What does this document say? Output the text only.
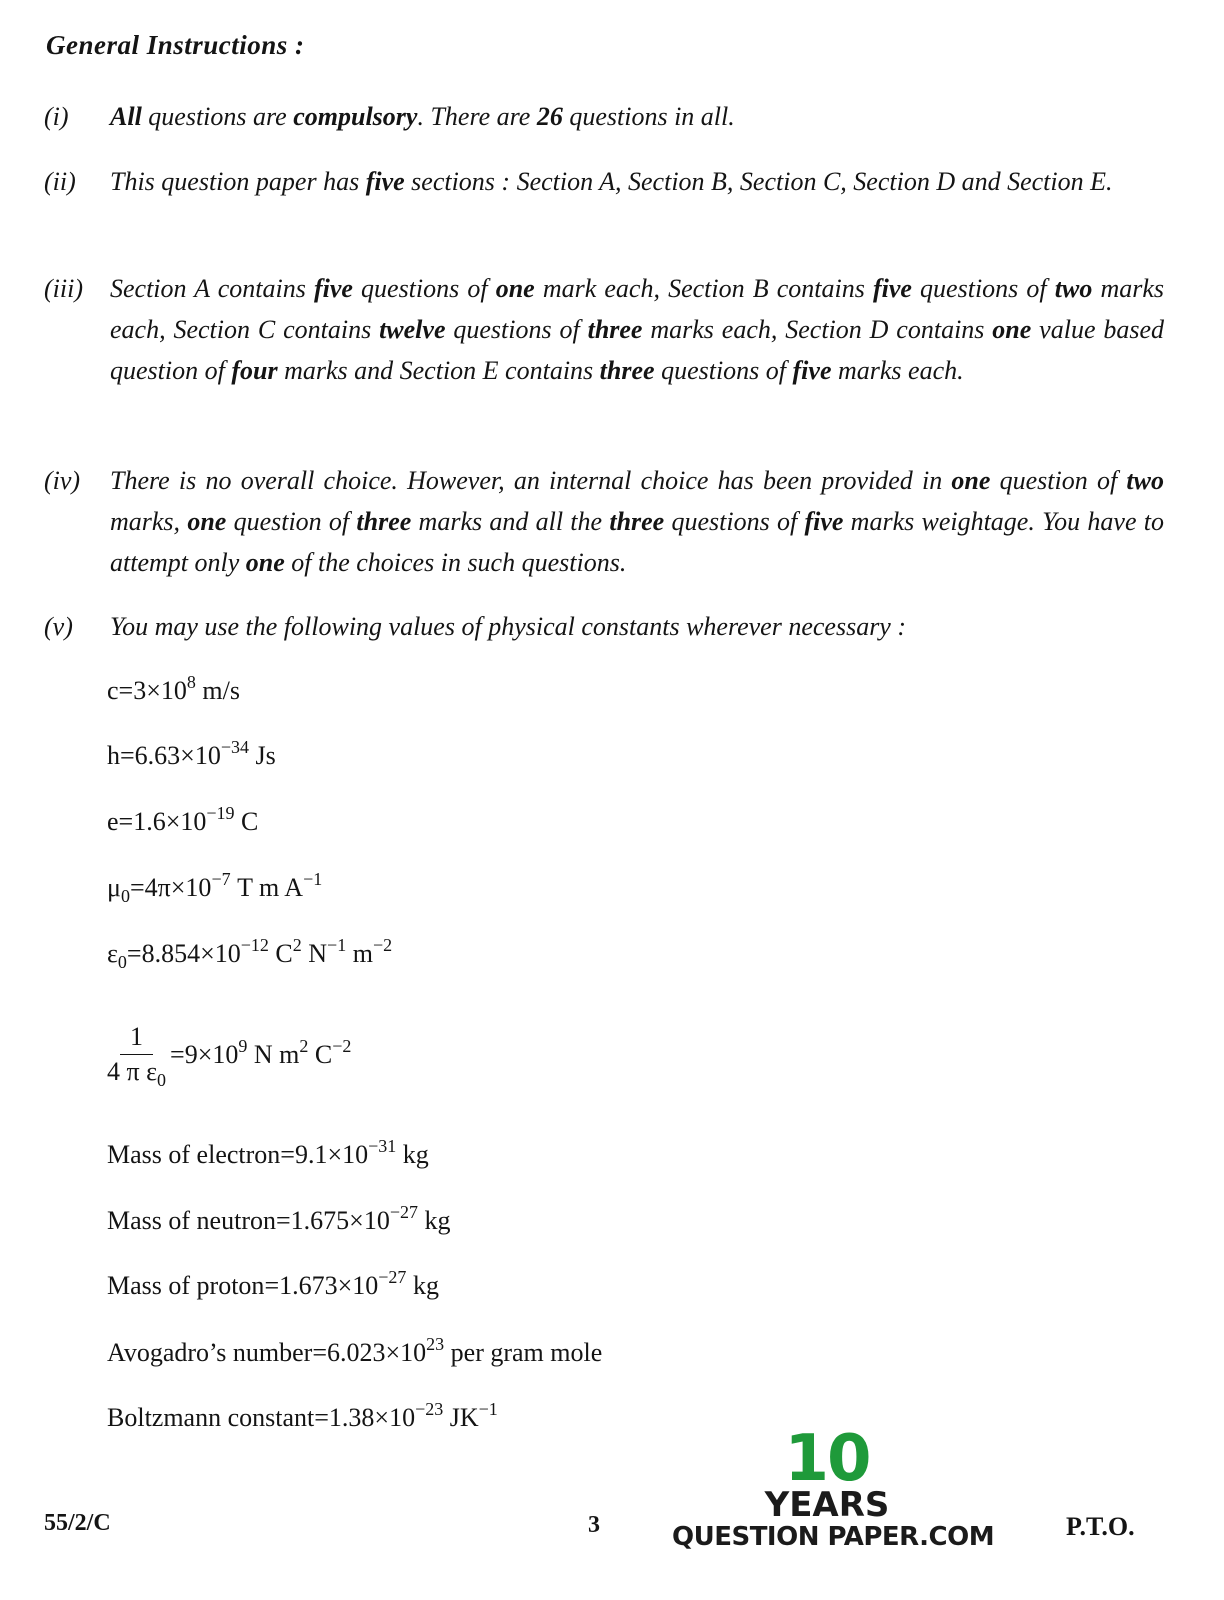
General Instructions :
(i) All questions are compulsory. There are 26 questions in all.
(ii) This question paper has five sections : Section A, Section B, Section C, Section D and Section E.
(iii) Section A contains five questions of one mark each, Section B contains five questions of two marks each, Section C contains twelve questions of three marks each, Section D contains one value based question of four marks and Section E contains three questions of five marks each.
(iv) There is no overall choice. However, an internal choice has been provided in one question of two marks, one question of three marks and all the three questions of five marks weightage. You have to attempt only one of the choices in such questions.
(v) You may use the following values of physical constants wherever necessary :
$c=3\times 10^8$ m/s
$h=6.63\times 10^{-34}$ Js
$e=1.6\times 10^{-19}$ C
$\mu_0=4\pi\times 10^{-7}$ T m $A^{-1}$
$\varepsilon_0=8.854\times 10^{-12}$ $C^2$ $N^{-1}$ $m^{-2}$
$\frac{1}{4 \pi \varepsilon_0} =9\times 10^9$ N $m^2$ $C^{-2}$
Mass of $electron=9.1\times 10^{-31}$ kg
Mass of $neutron=1.675\times 10^{-27}$ kg
Mass of $proton=1.673\times 10^{-27}$ kg
Avogadro’s $number=6.023\times 10^{23}$ per gram mole
Boltzmann $constant=1.38\times 10^{-23}$ $JK^{-1}$
10
YEARS
QUESTION PAPER.COM
55/2/C	3	P.T.O.
